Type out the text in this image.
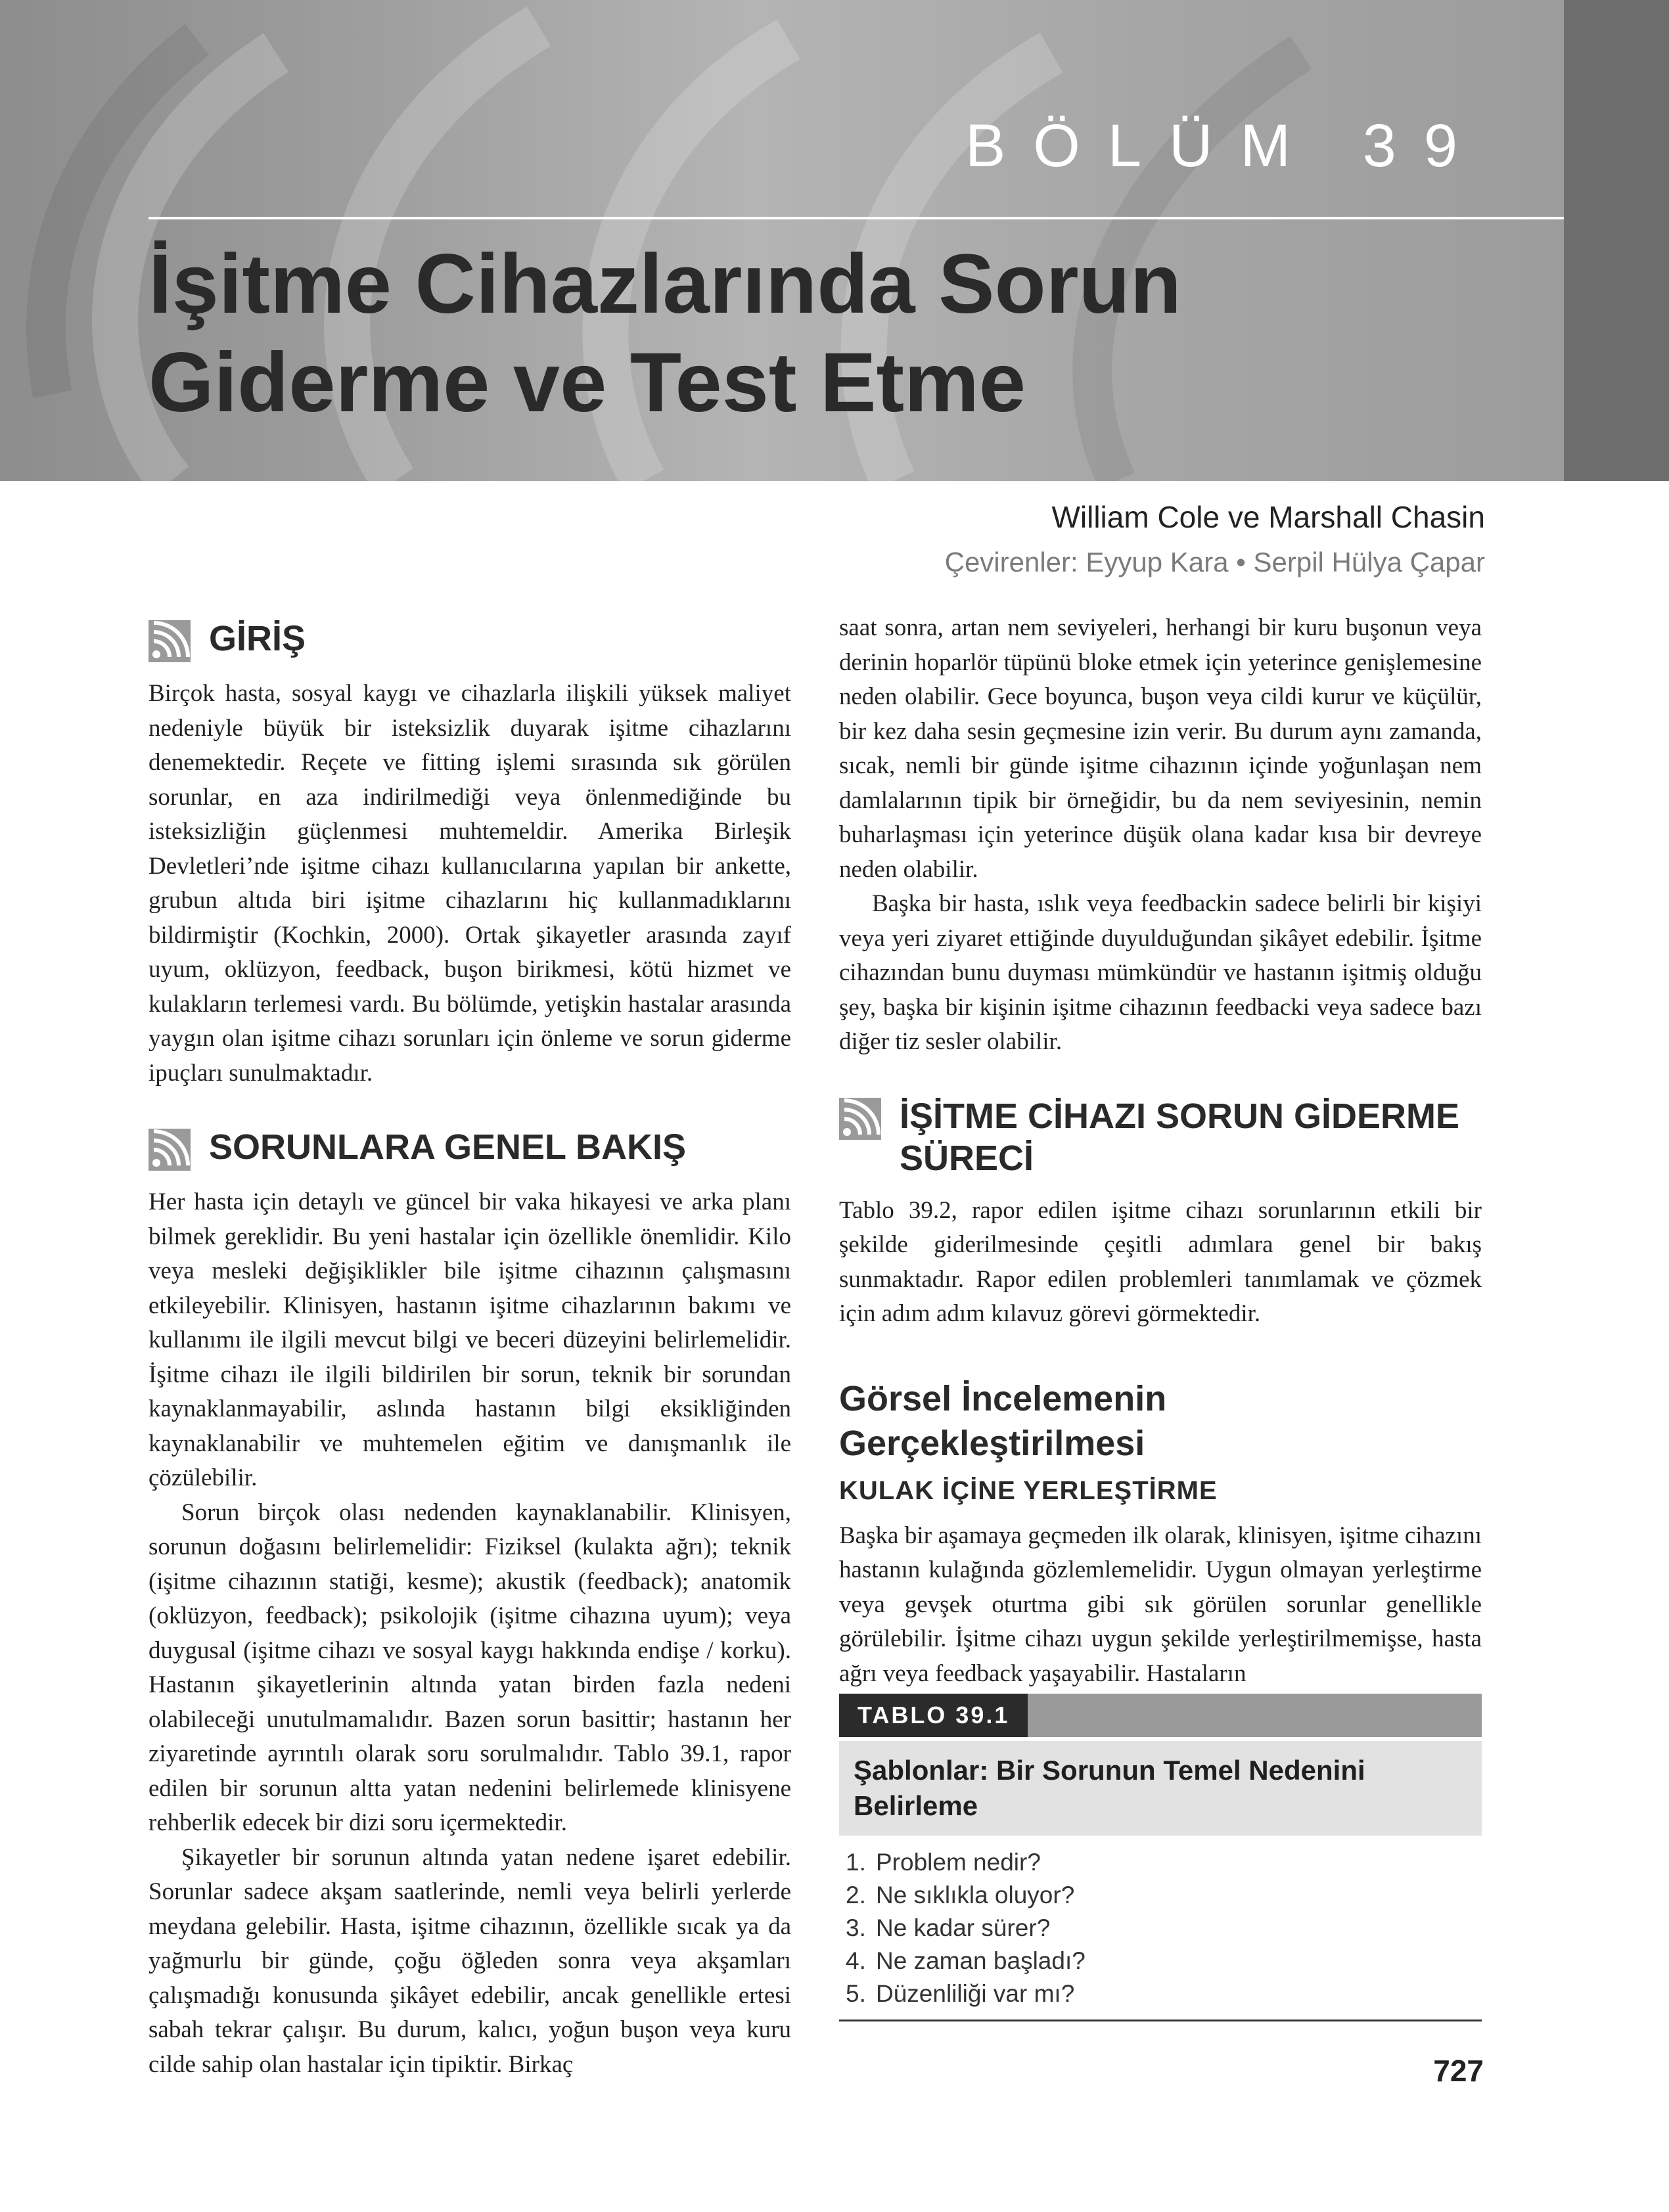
BÖLÜM 39
İşitme Cihazlarında Sorun
Giderme ve Test Etme
William Cole ve Marshall Chasin
Çevirenler: Eyyup Kara • Serpil Hülya Çapar
GİRİŞ

Birçok hasta, sosyal kaygı ve cihazlarla ilişkili yüksek maliyet nedeniyle büyük bir isteksizlik duyarak işitme cihazlarını denemektedir. Reçete ve fitting işlemi sırasında sık görülen sorunlar, en aza indirilmediği veya önlenmediğinde bu isteksizliğin güçlenmesi muhtemeldir. Amerika Birleşik Devletleri’nde işitme cihazı kullanıcılarına yapılan bir ankette, grubun altıda biri işitme cihazlarını hiç kullanmadıklarını bildirmiştir (Kochkin, 2000). Ortak şikayetler arasında zayıf uyum, oklüzyon, feedback, buşon birikmesi, kötü hizmet ve kulakların terlemesi vardı. Bu bölümde, yetişkin hastalar arasında yaygın olan işitme cihazı sorunları için önleme ve sorun giderme ipuçları sunulmaktadır.

SORUNLARA GENEL BAKIŞ

Her hasta için detaylı ve güncel bir vaka hikayesi ve arka planı bilmek gereklidir. Bu yeni hastalar için özellikle önemlidir. Kilo veya mesleki değişiklikler bile işitme cihazının çalışmasını etkileyebilir. Klinisyen, hastanın işitme cihazlarının bakımı ve kullanımı ile ilgili mevcut bilgi ve beceri düzeyini belirlemelidir. İşitme cihazı ile ilgili bildirilen bir sorun, teknik bir sorundan kaynaklanmayabilir, aslında hastanın bilgi eksikliğinden kaynaklanabilir ve muhtemelen eğitim ve danışmanlık ile çözülebilir.

Sorun birçok olası nedenden kaynaklanabilir. Klinisyen, sorunun doğasını belirlemelidir: Fiziksel (kulakta ağrı); teknik (işitme cihazının statiği, kesme); akustik (feedback); anatomik (oklüzyon, feedback); psikolojik (işitme cihazına uyum); veya duygusal (işitme cihazı ve sosyal kaygı hakkında endişe / korku). Hastanın şikayetlerinin altında yatan birden fazla nedeni olabileceği unutulmamalıdır. Bazen sorun basittir; hastanın her ziyaretinde ayrıntılı olarak soru sorulmalıdır. Tablo 39.1, rapor edilen bir sorunun altta yatan nedenini belirlemede klinisyene rehberlik edecek bir dizi soru içermektedir.

Şikayetler bir sorunun altında yatan nedene işaret edebilir. Sorunlar sadece akşam saatlerinde, nemli veya belirli yerlerde meydana gelebilir. Hasta, işitme cihazının, özellikle sıcak ya da yağmurlu bir günde, çoğu öğleden sonra veya akşamları çalışmadığı konusunda şikâyet edebilir, ancak genellikle ertesi sabah tekrar çalışır. Bu durum, kalıcı, yoğun buşon veya kuru cilde sahip olan hastalar için tipiktir. Birkaç

saat sonra, artan nem seviyeleri, herhangi bir kuru buşonun veya derinin hoparlör tüpünü bloke etmek için yeterince genişlemesine neden olabilir. Gece boyunca, buşon veya cildi kurur ve küçülür, bir kez daha sesin geçmesine izin verir. Bu durum aynı zamanda, sıcak, nemli bir günde işitme cihazının içinde yoğunlaşan nem damlalarının tipik bir örneğidir, bu da nem seviyesinin, nemin buharlaşması için yeterince düşük olana kadar kısa bir devreye neden olabilir.

Başka bir hasta, ıslık veya feedbackin sadece belirli bir kişiyi veya yeri ziyaret ettiğinde duyulduğundan şikâyet edebilir. İşitme cihazından bunu duyması mümkündür ve hastanın işitmiş olduğu şey, başka bir kişinin işitme cihazının feedbacki veya sadece bazı diğer tiz sesler olabilir.

İŞİTME CİHAZI SORUN GİDERME SÜRECİ

Tablo 39.2, rapor edilen işitme cihazı sorunlarının etkili bir şekilde giderilmesinde çeşitli adımlara genel bir bakış sunmaktadır. Rapor edilen problemleri tanımlamak ve çözmek için adım adım kılavuz görevi görmektedir.

Görsel İncelemenin Gerçekleştirilmesi
KULAK İÇİNE YERLEŞTİRME

Başka bir aşamaya geçmeden ilk olarak, klinisyen, işitme cihazını hastanın kulağında gözlemlemelidir. Uygun olmayan yerleştirme veya gevşek oturtma gibi sık görülen sorunlar genellikle görülebilir. İşitme cihazı uygun şekilde yerleştirilmemişse, hasta ağrı veya feedback yaşayabilir. Hastaların

TABLO 39.1
Şablonlar: Bir Sorunun Temel Nedenini Belirleme
1. Problem nedir?
2. Ne sıklıkla oluyor?
3. Ne kadar sürer?
4. Ne zaman başladı?
5. Düzenliliği var mı?
727
